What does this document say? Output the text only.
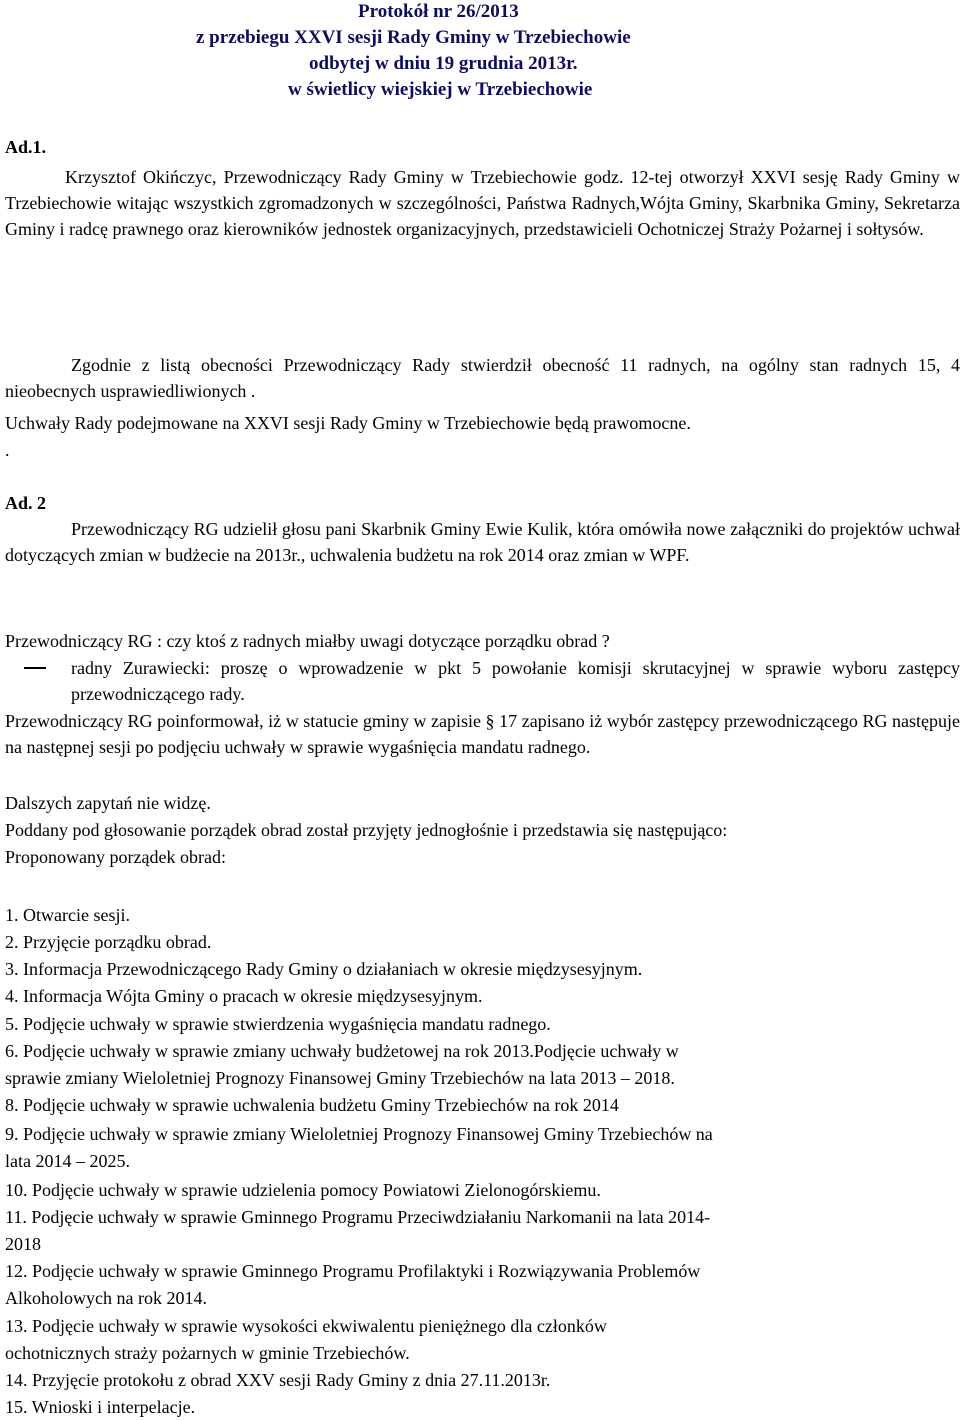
Protokół nr 26/2013
z przebiegu XXVI sesji Rady Gminy w Trzebiechowie
odbytej w dniu 19 grudnia 2013r.
w świetlicy wiejskiej w Trzebiechowie
Ad.1.
Krzysztof Okińczyc, Przewodniczący Rady Gminy w Trzebiechowie godz. 12-tej otworzył XXVI sesję Rady Gminy w Trzebiechowie witając wszystkich zgromadzonych w szczególności, Państwa Radnych,Wójta Gminy, Skarbnika Gminy, Sekretarza Gminy i radcę prawnego oraz kierowników jednostek organizacyjnych, przedstawicieli Ochotniczej Straży Pożarnej i sołtysów.
Zgodnie z listą obecności Przewodniczący Rady stwierdził obecność 11 radnych, na ogólny stan radnych 15, 4 nieobecnych usprawiedliwionych .
Uchwały Rady podejmowane na XXVI sesji Rady Gminy w Trzebiechowie będą prawomocne.
.
Ad. 2
Przewodniczący RG udzielił głosu pani Skarbnik Gminy Ewie Kulik, która omówiła nowe załączniki do projektów uchwał dotyczących zmian w budżecie na 2013r., uchwalenia budżetu na rok 2014 oraz zmian w WPF.
Przewodniczący RG : czy ktoś z radnych miałby uwagi dotyczące porządku obrad ?
radny Zurawiecki: proszę o wprowadzenie w pkt 5 powołanie komisji skrutacyjnej w sprawie wyboru zastępcy przewodniczącego rady.
Przewodniczący RG poinformował, iż w statucie gminy w zapisie § 17 zapisano iż wybór zastępcy przewodniczącego RG następuje na następnej sesji po podjęciu uchwały w sprawie wygaśnięcia mandatu radnego.
Dalszych zapytań nie widzę.
Poddany pod głosowanie porządek obrad został przyjęty jednogłośnie i przedstawia się następująco:
Proponowany porządek obrad:
1. Otwarcie sesji.
2. Przyjęcie porządku obrad.
3. Informacja Przewodniczącego Rady Gminy o działaniach w okresie międzysesyjnym.
4. Informacja Wójta Gminy o pracach w okresie międzysesyjnym.
5. Podjęcie uchwały w sprawie stwierdzenia wygaśnięcia mandatu radnego.
6. Podjęcie uchwały w sprawie zmiany uchwały budżetowej na rok 2013.Podjęcie uchwały w
sprawie zmiany Wieloletniej Prognozy Finansowej Gminy Trzebiechów na lata 2013 – 2018.
8. Podjęcie uchwały w sprawie uchwalenia budżetu Gminy Trzebiechów na rok 2014
9. Podjęcie uchwały w sprawie zmiany Wieloletniej Prognozy Finansowej Gminy Trzebiechów na
lata 2014 – 2025.
10. Podjęcie uchwały w sprawie udzielenia pomocy Powiatowi Zielonogórskiemu.
11. Podjęcie uchwały w sprawie Gminnego Programu Przeciwdziałaniu Narkomanii na lata 2014-
2018
12. Podjęcie uchwały w sprawie Gminnego Programu Profilaktyki i Rozwiązywania Problemów
Alkoholowych na rok 2014.
13. Podjęcie uchwały w sprawie wysokości ekwiwalentu pieniężnego dla członków
ochotnicznych straży pożarnych w gminie Trzebiechów.
14. Przyjęcie protokołu z obrad XXV sesji Rady Gminy z dnia 27.11.2013r.
15. Wnioski i interpelacje.
